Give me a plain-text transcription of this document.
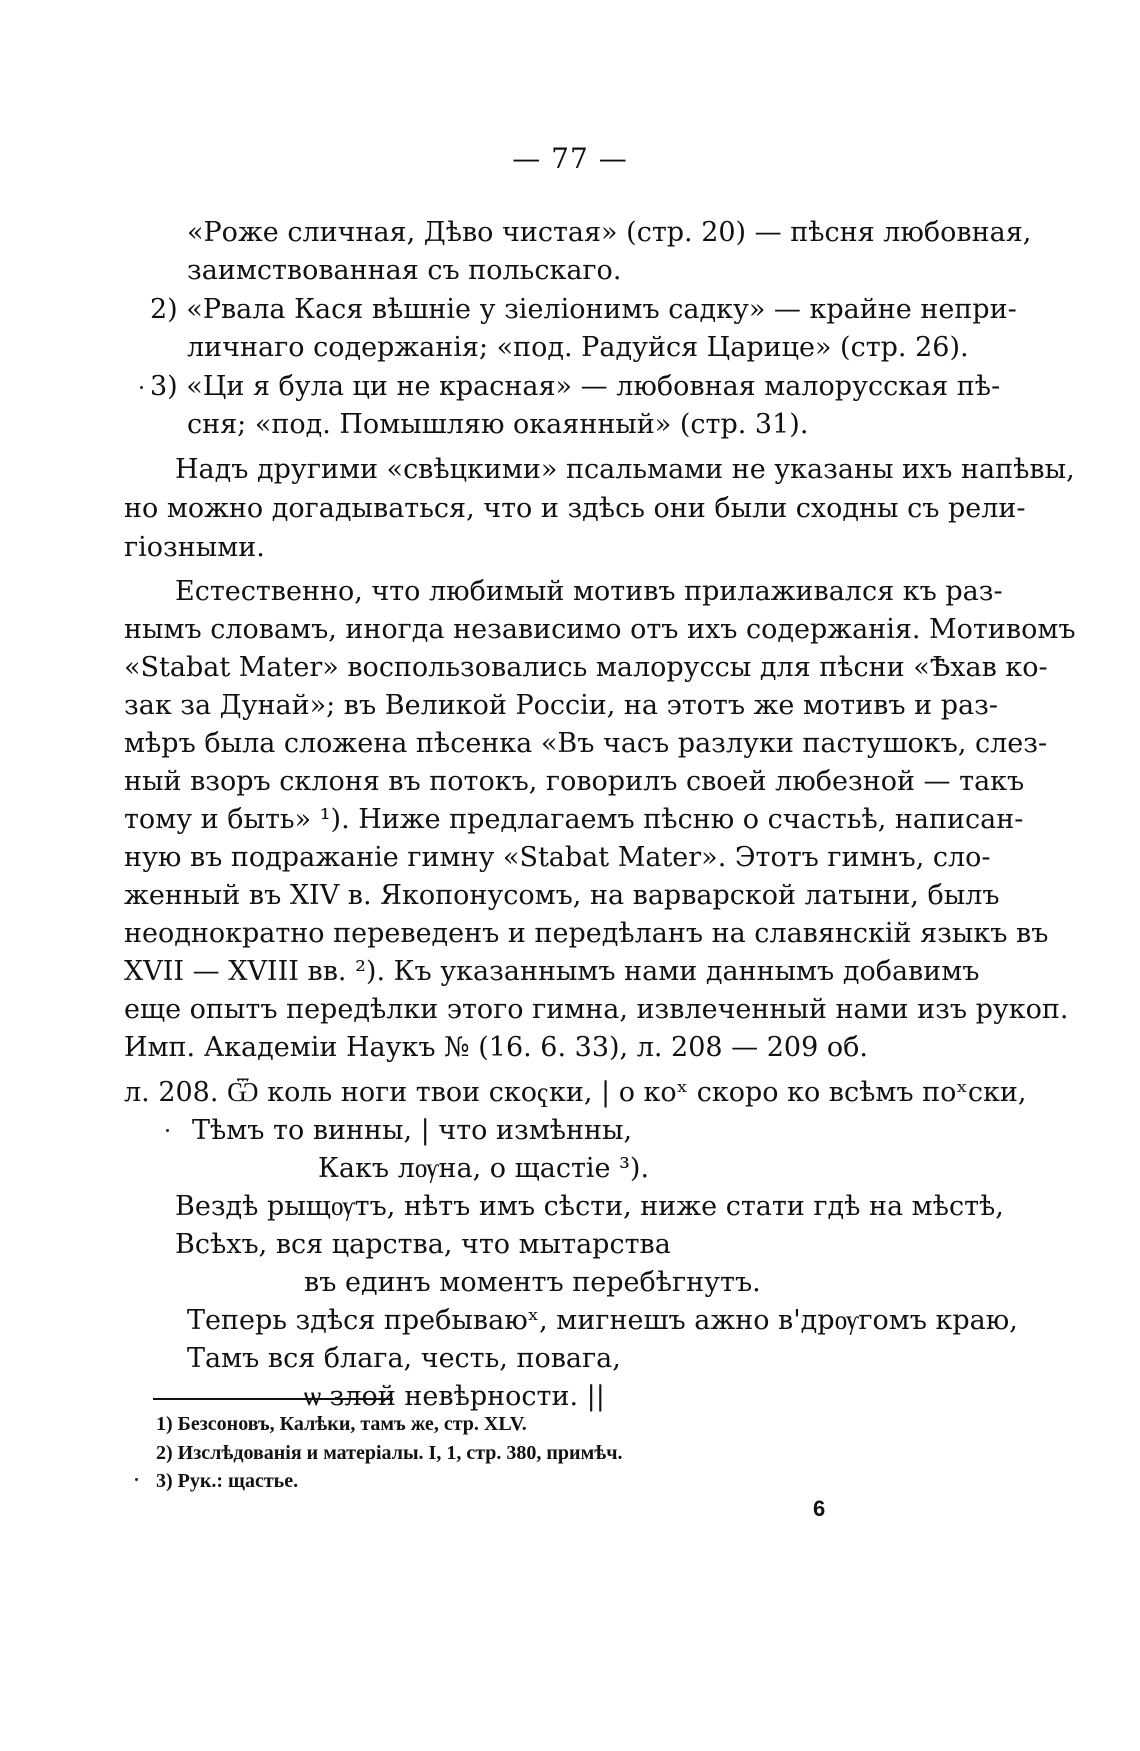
— 77 —
«Роже сличная, Дѣво чистая» (стр. 20) — пѣсня любовная,
заимствованная съ польскаго.
2) «Рвала Кася вѣшніе у зіеліонимъ садку» — крайне непри-
личнаго содержанія; «под. Радуйся Царице» (стр. 26).
3) «Ци я була ци не красная» — любовная малорусская пѣ-
сня; «под. Помышляю окаянный» (стр. 31).
Надъ другими «свѣцкими» псальмами не указаны ихъ напѣвы,
но можно догадываться, что и здѣсь они были сходны съ рели-
гіозными.
Естественно, что любимый мотивъ прилаживался къ раз-
нымъ словамъ, иногда независимо отъ ихъ содержанія. Мотивомъ
«Stabat Mater» воспользовались малоруссы для пѣсни «Ѣхав ко-
зак за Дунай»; въ Великой Россіи, на этотъ же мотивъ и раз-
мѣръ была сложена пѣсенка «Въ часъ разлуки пастушокъ, слез-
ный взоръ склоня въ потокъ, говорилъ своей любезной — такъ
тому и быть» ¹). Ниже предлагаемъ пѣсню о счастьѣ, написан-
ную въ подражаніе гимну «Stabat Mater». Этотъ гимнъ, сло-
женный въ XIV в. Якопонусомъ, на варварской латыни, былъ
неоднократно переведенъ и передѣланъ на славянскій языкъ въ
XVII — XVIII вв. ²). Къ указаннымъ нами даннымъ добавимъ
еще опытъ передѣлки этого гимна, извлеченный нами изъ рукоп.
Имп. Академіи Наукъ № (16. 6. 33), л. 208 — 209 об.
л. 208. Ѿ коль ноги твои скоҁки, | о коˣ скоро ко всѣмъ поˣски,
Тѣмъ то винны, | что измѣнны,
Какъ лѹна, о щастіе ³).
Вездѣ рыщѹтъ, нѣтъ имъ сѣсти, ниже стати гдѣ на мѣстѣ,
Всѣхъ, вся царства, что мытарства
въ единъ моментъ перебѣгнутъ.
Теперь здѣся пребываюˣ, мигнешъ ажно в'дрѹгомъ краю,
Тамъ вся блага, честь, повага,
ѡ злой невѣрности. ||
1) Безсоновъ, Калѣки, тамъ же, стр. XLV.
2) Изслѣдованія и матеріалы. I, 1, стр. 380, примѣч.
3) Рук.: щастье.
6
